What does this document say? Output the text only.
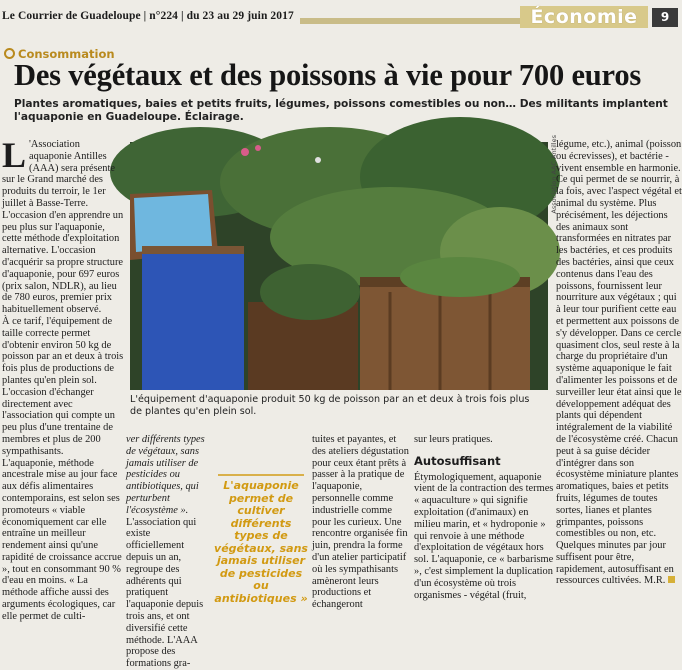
Le Courrier de Guadeloupe | n°224 | du 23 au 29 juin 2017	Économie	9
Consommation
Des végétaux et des poissons à vie pour 700 euros
Plantes aromatiques, baies et petits fruits, légumes, poissons comestibles ou non… Des militants implantent l'aquaponie en Guadeloupe. Éclairage.
Association AAC Antilles
L'équipement d'aquaponie produit 50 kg de poisson par an et deux à trois fois plus de plantes qu'en plein sol.

L 'Association aquaponie Antilles (AAA) sera présente sur le Grand marché des produits du terroir, le 1er juillet à Basse-Terre. L'occasion d'en apprendre un peu plus sur l'aquaponie, cette méthode d'exploitation alternative. L'occasion d'acquérir sa propre structure d'aquaponie, pour 697 euros (prix salon, NDLR), au lieu de 780 euros, premier prix habituellement observé.

À ce tarif, l'équipement de taille correcte permet d'obtenir environ 50 kg de poisson par an et deux à trois fois plus de productions de plantes qu'en plein sol. L'occasion d'échanger directement avec l'association qui compte un peu plus d'une trentaine de membres et plus de 200 sympathisants.

L'aquaponie, méthode ancestrale mise au jour face aux défis alimentaires contemporains, est selon ses promoteurs « viable économiquement car elle entraîne un meilleur rendement ainsi qu'une rapidité de croissance accrue », tout en consommant 90 % d'eau en moins. « La méthode affiche aussi des arguments écologiques, car elle permet de culti-

ver différents types de végétaux, sans jamais utiliser de pesticides ou antibiotiques, qui perturbent l'écosystème ».

L'association qui existe officiellement depuis un an, regroupe des adhérents qui pratiquent l'aquaponie depuis trois ans, et ont diversifié cette méthode. L'AAA propose des formations gra-

L'aquaponie permet de cultiver différents types de végétaux, sans jamais utiliser de pesticides ou antibiotiques »

tuites et payantes, et des ateliers dégustation pour ceux étant prêts à passer à la pratique de l'aquaponie, personnelle comme industrielle comme pour les curieux. Une rencontre organisée fin juin, prendra la forme d'un atelier participatif où les sympathisants amèneront leurs productions et échangeront

sur leurs pratiques.

Autosuffisant

Étymologiquement, aquaponie vient de la contraction des termes « aquaculture » qui signifie exploitation (d'animaux) en milieu marin, et « hydroponie » qui renvoie à une méthode d'exploitation de végétaux hors sol. L'aquaponie, ce « barbarisme », c'est simplement la duplication d'un écosystème où trois organismes - végétal (fruit,

légume, etc.), animal (poisson ou écrevisses), et bactérie - vivent ensemble en harmonie. Ce qui permet de se nourrir, à la fois, avec l'aspect végétal et animal du système. Plus précisément, les déjections des animaux sont transformées en nitrates par les bactéries, et ces produits des bactéries, ainsi que ceux contenus dans l'eau des poissons, fournissent leur nourriture aux végétaux ; qui à leur tour purifient cette eau et permettent aux poissons de s'y développer. Dans ce cercle quasiment clos, seul reste à la charge du propriétaire d'un système aquaponique le fait d'alimenter les poissons et de surveiller leur état ainsi que le développement adéquat des plants qui dépendent intégralement de la viabilité de l'écosystème créé. Chacun peut à sa guise décider d'intégrer dans son écosystème miniature plantes aromatiques, baies et petits fruits, légumes de toutes sortes, lianes et plantes grimpantes, poissons comestibles ou non, etc. Quelques minutes par jour suffisent pour être, rapidement, autosuffisant en ressources cultivées. M.R.
